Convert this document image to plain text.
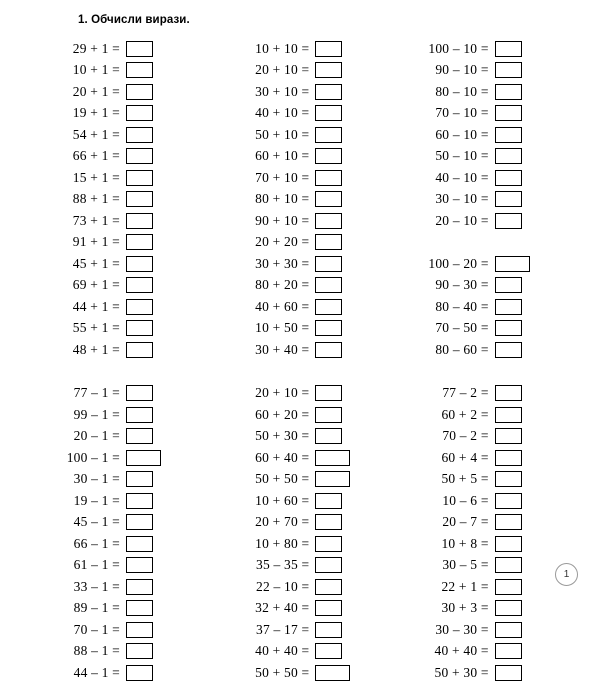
1. Обчисли вирази.
29 + 1 =
10 + 1 =
20 + 1 =
19 + 1 =
54 + 1 =
66 + 1 =
15 + 1 =
88 + 1 =
73 + 1 =
91 + 1 =
45 + 1 =
69 + 1 =
44 + 1 =
55 + 1 =
48 + 1 =
10 + 10 =
20 + 10 =
30 + 10 =
40 + 10 =
50 + 10 =
60 + 10 =
70 + 10 =
80 + 10 =
90 + 10 =
20 + 20 =
30 + 30 =
80 + 20 =
40 + 60 =
10 + 50 =
30 + 40 =
100 – 10 =
90 – 10 =
80 – 10 =
70 – 10 =
60 – 10 =
50 – 10 =
40 – 10 =
30 – 10 =
20 – 10 =
100 – 20 =
90 – 30 =
80 – 40 =
70 – 50 =
80 – 60 =
77 – 1 =
99 – 1 =
20 – 1 =
100 – 1 =
30 – 1 =
19 – 1 =
45 – 1 =
66 – 1 =
61 – 1 =
33 – 1 =
89 – 1 =
70 – 1 =
88 – 1 =
44 – 1 =
20 + 10 =
60 + 20 =
50 + 30 =
60 + 40 =
50 + 50 =
10 + 60 =
20 + 70 =
10 + 80 =
35 – 35 =
22 – 10 =
32 + 40 =
37 – 17 =
40 + 40 =
50 + 50 =
77 – 2 =
60 + 2 =
70 – 2 =
60 + 4 =
50 + 5 =
10 – 6 =
20 – 7 =
10 + 8 =
30 – 5 =
22 + 1 =
30 + 3 =
30 – 30 =
40 + 40 =
50 + 30 =
1
